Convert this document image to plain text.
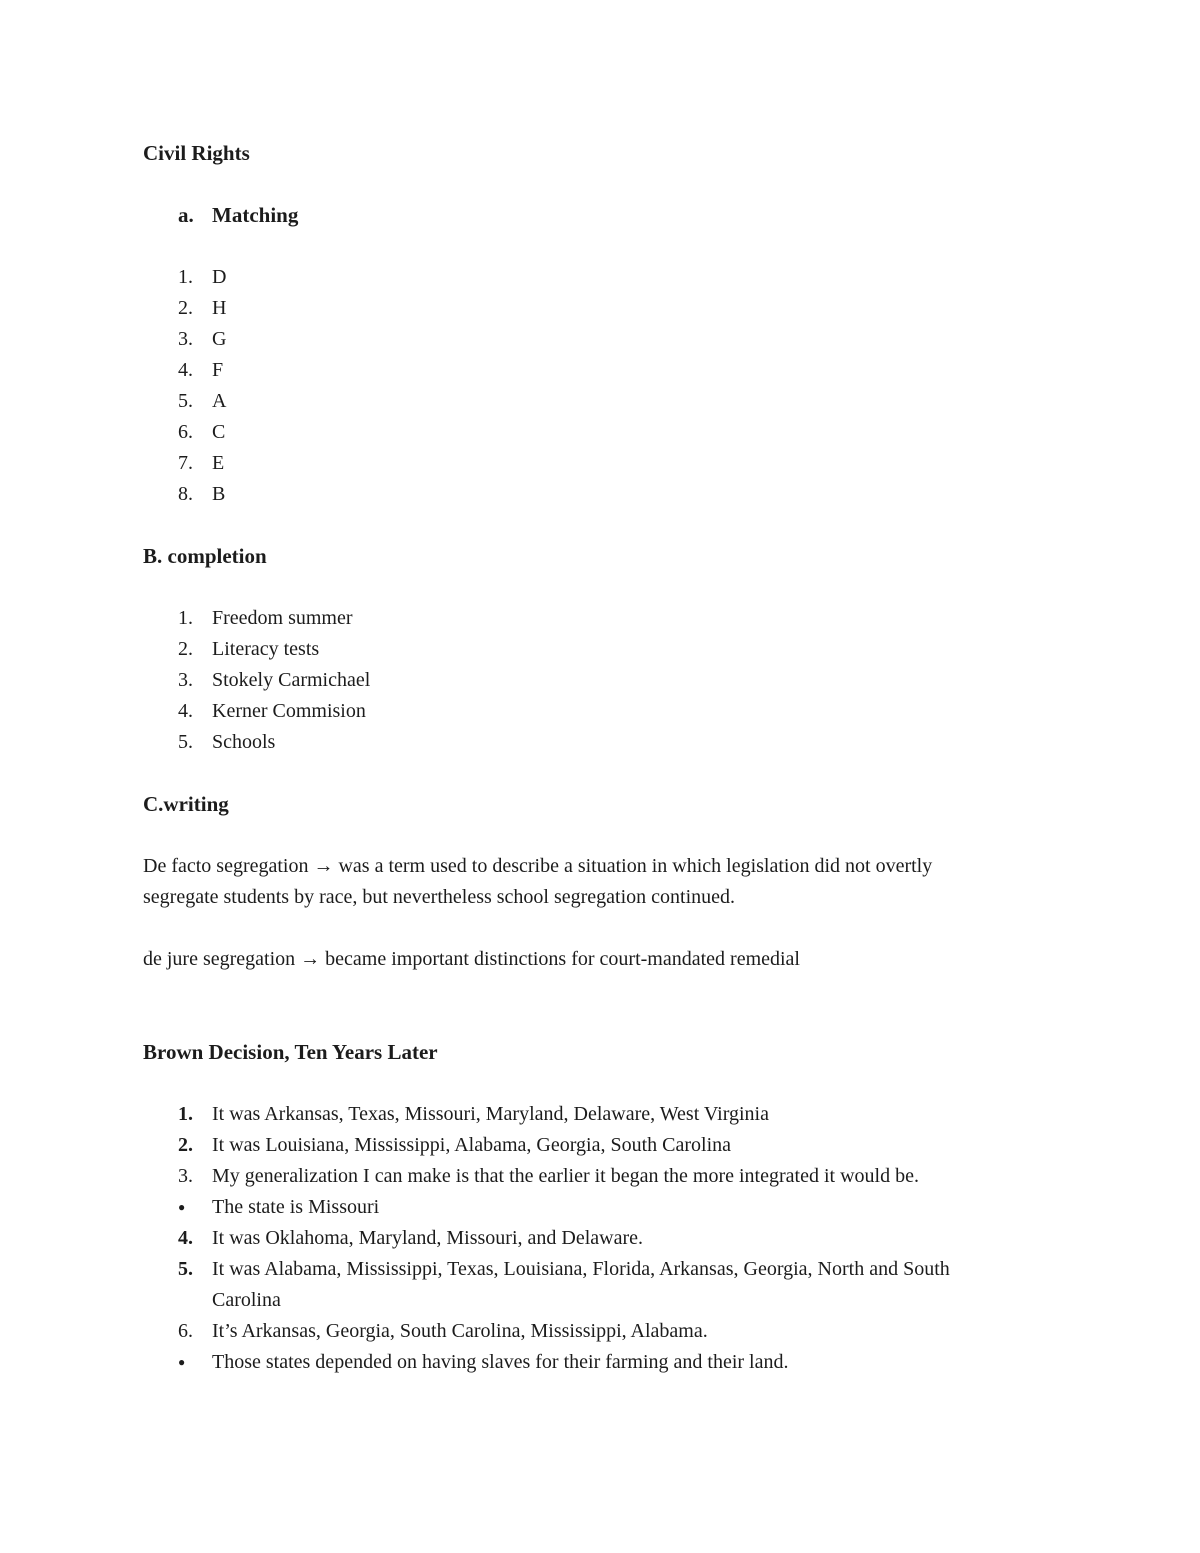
Civil Rights
a. Matching
1. D
2. H
3. G
4. F
5. A
6. C
7. E
8. B
B. completion
1. Freedom summer
2. Literacy tests
3. Stokely Carmichael
4. Kerner Commision
5. Schools
C.writing
De facto segregation → was a term used to describe a situation in which legislation did not overtly segregate students by race, but nevertheless school segregation continued.
de jure segregation → became important distinctions for court-mandated remedial
Brown Decision, Ten Years Later
1. It was Arkansas, Texas, Missouri, Maryland, Delaware, West Virginia
2. It was Louisiana, Mississippi, Alabama, Georgia, South Carolina
3. My generalization I can make is that the earlier it began the more integrated it would be.
●	The state is Missouri
4. It was Oklahoma, Maryland, Missouri, and Delaware.
5. It was Alabama, Mississippi, Texas, Louisiana, Florida, Arkansas, Georgia, North and South Carolina
6. It’s Arkansas, Georgia, South Carolina, Mississippi, Alabama.
●	Those states depended on having slaves for their farming and their land.
